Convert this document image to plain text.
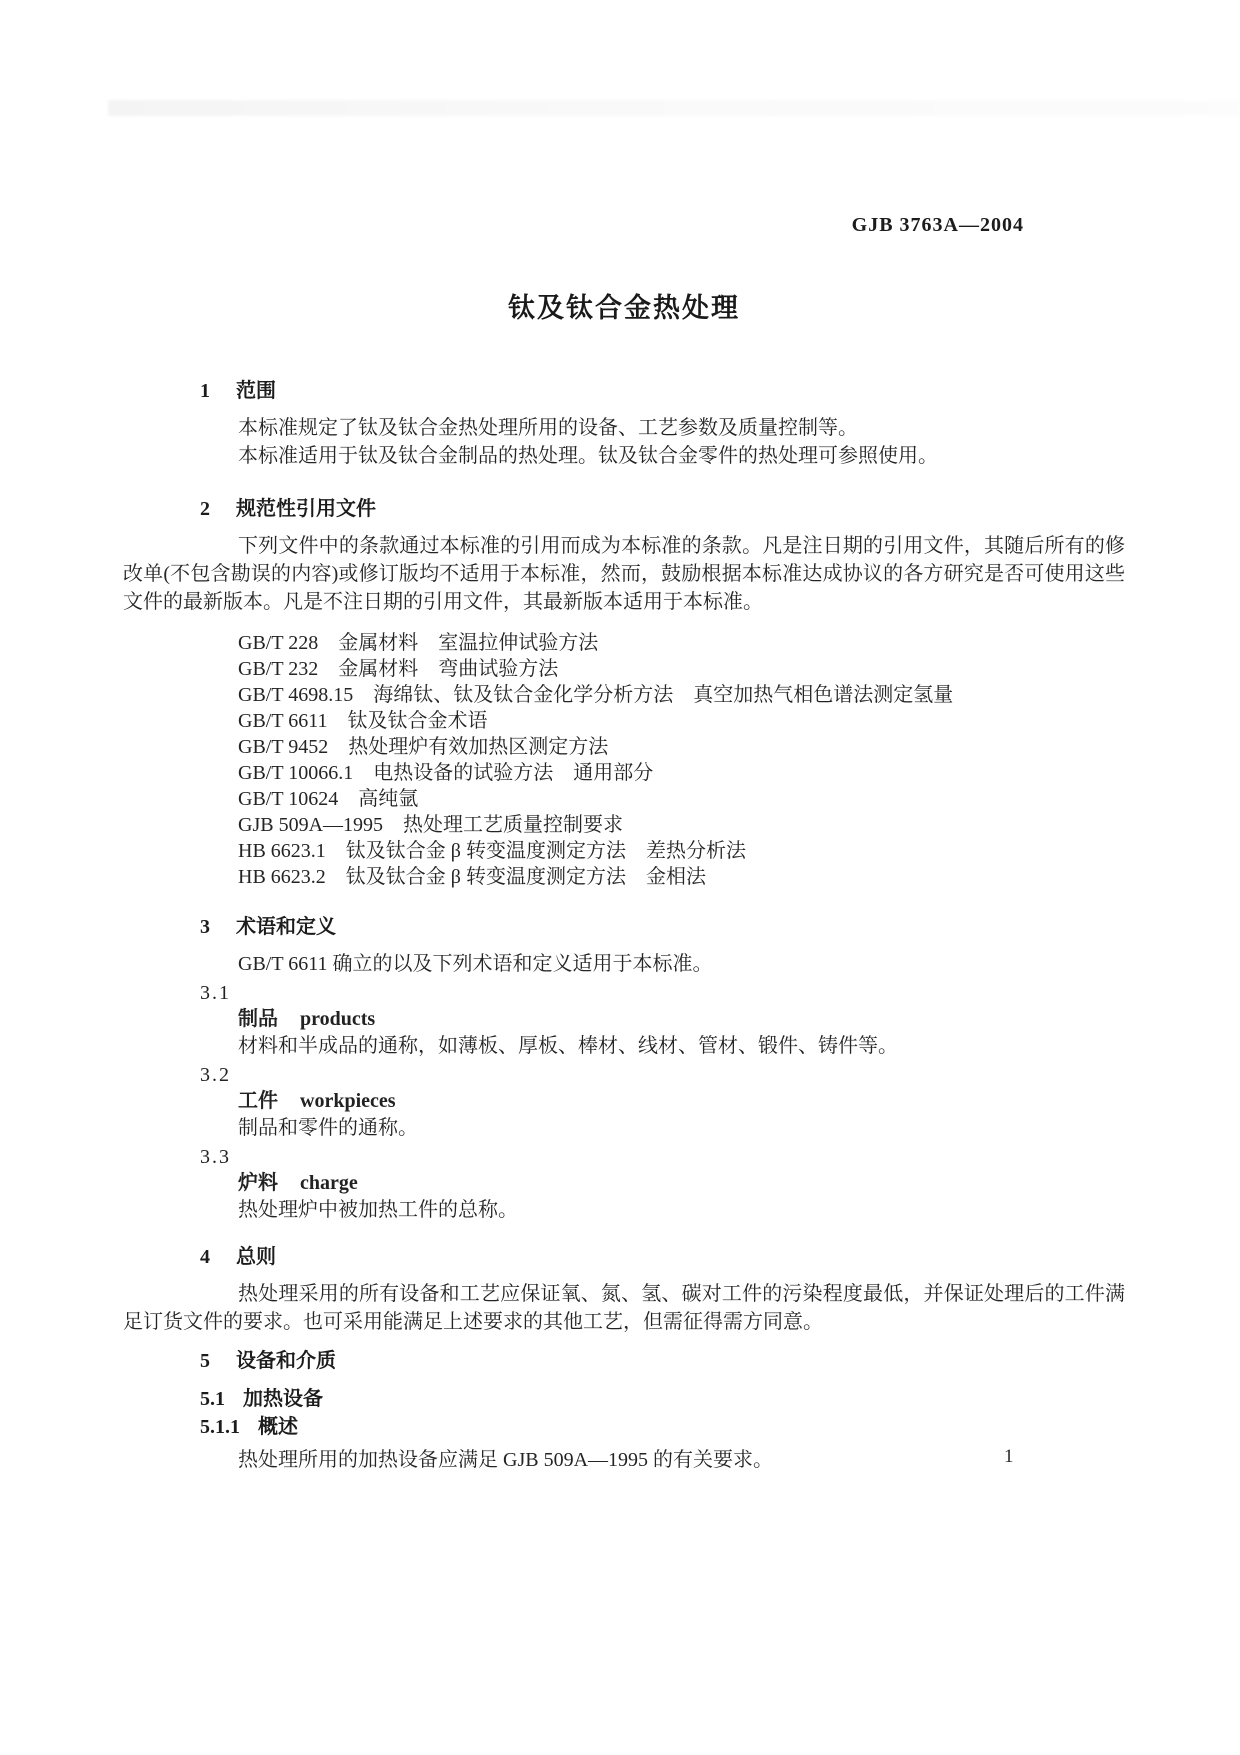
GJB 3763A—2004

钛及钛合金热处理

1 范围

本标准规定了钛及钛合金热处理所用的设备、工艺参数及质量控制等。

本标准适用于钛及钛合金制品的热处理。钛及钛合金零件的热处理可参照使用。

2 规范性引用文件

下列文件中的条款通过本标准的引用而成为本标准的条款。凡是注日期的引用文件，其随后所有的修改单(不包含勘误的内容)或修订版均不适用于本标准，然而，鼓励根据本标准达成协议的各方研究是否可使用这些文件的最新版本。凡是不注日期的引用文件，其最新版本适用于本标准。

GB/T 228　金属材料　室温拉伸试验方法

GB/T 232　金属材料　弯曲试验方法

GB/T 4698.15　海绵钛、钛及钛合金化学分析方法　真空加热气相色谱法测定氢量

GB/T 6611　钛及钛合金术语

GB/T 9452　热处理炉有效加热区测定方法

GB/T 10066.1　电热设备的试验方法　通用部分

GB/T 10624　高纯氩

GJB 509A—1995　热处理工艺质量控制要求

HB 6623.1　钛及钛合金 β 转变温度测定方法　差热分析法

HB 6623.2　钛及钛合金 β 转变温度测定方法　金相法

3 术语和定义

GB/T 6611 确立的以及下列术语和定义适用于本标准。

3.1

制品 products

材料和半成品的通称，如薄板、厚板、棒材、线材、管材、锻件、铸件等。

3.2

工件 workpieces

制品和零件的通称。

3.3

炉料 charge

热处理炉中被加热工件的总称。

4 总则

热处理采用的所有设备和工艺应保证氧、氮、氢、碳对工件的污染程度最低，并保证处理后的工件满足订货文件的要求。也可采用能满足上述要求的其他工艺，但需征得需方同意。

5 设备和介质

5.1 加热设备

5.1.1 概述

热处理所用的加热设备应满足 GJB 509A—1995 的有关要求。	1
